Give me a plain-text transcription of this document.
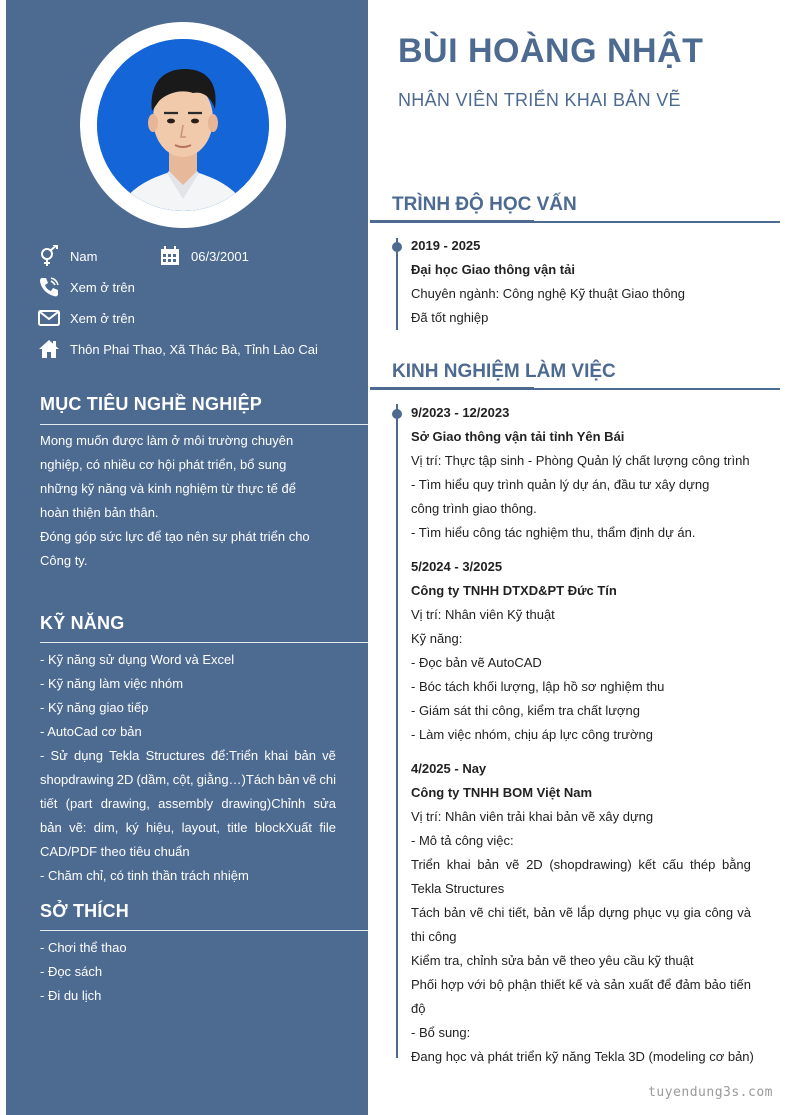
Nam	06/3/2001
Xem ở trên
Xem ở trên
Thôn Phai Thao, Xã Thác Bà, Tỉnh Lào Cai
MỤC TIÊU NGHỀ NGHIỆP
Mong muốn được làm ở môi trường chuyên
nghiệp, có nhiều cơ hội phát triển, bổ sung
những kỹ năng và kinh nghiệm từ thực tế để
hoàn thiện bản thân.
Đóng góp sức lực để tạo nên sự phát triển cho
Công ty.
KỸ NĂNG
- Kỹ năng sử dụng Word và Excel
- Kỹ năng làm việc nhóm
- Kỹ năng giao tiếp
- AutoCad cơ bản
- Sử dụng Tekla Structures để:Triển khai bản vẽ
shopdrawing 2D (dầm, cột, giằng…)Tách bản vẽ chi
tiết (part drawing, assembly drawing)Chỉnh sửa
bản vẽ: dim, ký hiệu, layout, title blockXuất file
CAD/PDF theo tiêu chuẩn
- Chăm chỉ, có tinh thần trách nhiệm
SỞ THÍCH
- Chơi thể thao
- Đọc sách
- Đi du lịch
BÙI HOÀNG NHẬT
NHÂN VIÊN TRIỂN KHAI BẢN VẼ
TRÌNH ĐỘ HỌC VẤN
2019 - 2025
Đại học Giao thông vận tải
Chuyên ngành: Công nghệ Kỹ thuật Giao thông
Đã tốt nghiệp
KINH NGHIỆM LÀM VIỆC
9/2023 - 12/2023
Sở Giao thông vận tải tỉnh Yên Bái
Vị trí: Thực tập sinh - Phòng Quản lý chất lượng công trình
- Tìm hiểu quy trình quản lý dự án, đầu tư xây dựng
công trình giao thông.
- Tìm hiểu công tác nghiệm thu, thẩm định dự án.
5/2024 - 3/2025
Công ty TNHH DTXD&PT Đức Tín
Vị trí: Nhân viên Kỹ thuật
Kỹ năng:
- Đọc bản vẽ AutoCAD
- Bóc tách khối lượng, lập hồ sơ nghiệm thu
- Giám sát thi công, kiểm tra chất lượng
- Làm việc nhóm, chịu áp lực công trường
4/2025 - Nay
Công ty TNHH BOM Việt Nam
Vị trí: Nhân viên trải khai bản vẽ xây dựng
- Mô tả công việc:
Triển khai bản vẽ 2D (shopdrawing) kết cấu thép bằng
Tekla Structures
Tách bản vẽ chi tiết, bản vẽ lắp dựng phục vụ gia công và
thi công
Kiểm tra, chỉnh sửa bản vẽ theo yêu cầu kỹ thuật
Phối hợp với bộ phận thiết kế và sản xuất để đảm bảo tiến
độ
- Bổ sung:
Đang học và phát triển kỹ năng Tekla 3D (modeling cơ bản)
tuyendung3s.com
